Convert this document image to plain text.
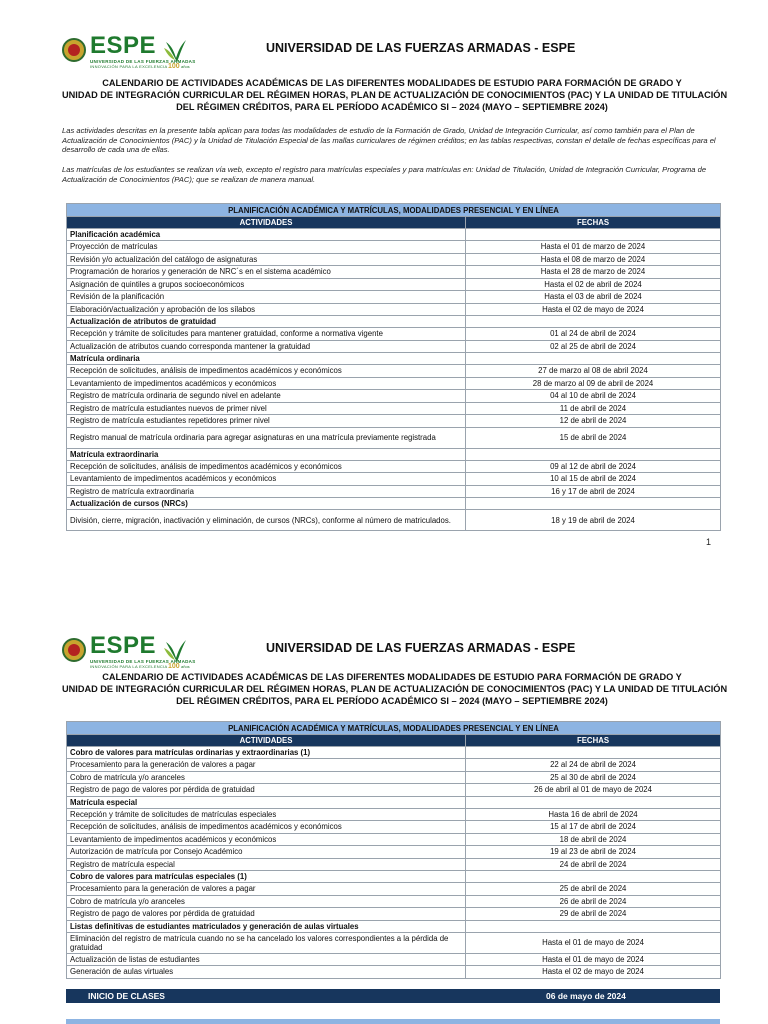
ESPE
UNIVERSIDAD DE LAS FUERZAS ARMADAS
INNOVACIÓN PARA LA EXCELENCIA 100 años
UNIVERSIDAD DE LAS FUERZAS ARMADAS - ESPE
CALENDARIO DE ACTIVIDADES ACADÉMICAS DE LAS DIFERENTES MODALIDADES DE ESTUDIO PARA FORMACIÓN DE GRADO Y
UNIDAD DE INTEGRACIÓN CURRICULAR DEL RÉGIMEN HORAS, PLAN DE ACTUALIZACIÓN DE CONOCIMIENTOS (PAC) Y LA UNIDAD DE TITULACIÓN
DEL RÉGIMEN CRÉDITOS, PARA EL PERÍODO ACADÉMICO SI – 2024 (MAYO – SEPTIEMBRE 2024)
Las actividades descritas en la presente tabla aplican para todas las modalidades de estudio de la Formación de Grado, Unidad de Integración Curricular, así como también para el Plan de Actualización de Conocimientos (PAC) y la Unidad de Titulación Especial de las mallas curriculares de régimen créditos; en las tablas respectivas, constan el detalle de fechas específicas para el desarrollo de cada una de ellas.
Las matrículas de los estudiantes se realizan vía web, excepto el registro para matrículas especiales y para matrículas en: Unidad de Titulación, Unidad de Integración Curricular, Programa de Actualización de Conocimientos (PAC); que se realizan de manera manual.
PLANIFICACIÓN ACADÉMICA Y MATRÍCULAS, MODALIDADES PRESENCIAL Y EN LÍNEA	
ACTIVIDADES	FECHAS
Planificación académica	
Proyección de matrículas	Hasta el 01 de marzo de 2024
Revisión y/o actualización del catálogo de asignaturas	Hasta el 08 de marzo de 2024
Programación de horarios y generación de NRC´s en el sistema académico	Hasta el 28 de marzo de 2024
Asignación de quintiles a grupos socioeconómicos	Hasta el 02 de abril de 2024
Revisión de la planificación	Hasta el 03 de abril de 2024
Elaboración/actualización y aprobación de los sílabos	Hasta el 02 de mayo de 2024
Actualización de atributos de gratuidad	
Recepción y trámite de solicitudes para mantener gratuidad, conforme a normativa vigente	01 al 24 de abril de 2024
Actualización de atributos cuando corresponda mantener la gratuidad	02 al 25 de abril de 2024
Matrícula ordinaria	
Recepción de solicitudes, análisis de impedimentos académicos y económicos	27 de marzo al 08 de abril 2024
Levantamiento de impedimentos académicos y económicos	28 de marzo al 09 de abril de 2024
Registro de matrícula ordinaria de segundo nivel en adelante	04 al 10 de abril de 2024
Registro de matrícula estudiantes nuevos de primer nivel	11 de abril de 2024
Registro de matrícula estudiantes repetidores primer nivel	12 de abril de 2024
Registro manual de matrícula ordinaria para agregar asignaturas en una matrícula previamente registrada	15 de abril de 2024
Matrícula extraordinaria	
Recepción de solicitudes, análisis de impedimentos académicos y económicos	09 al 12 de abril de 2024
Levantamiento de impedimentos académicos y económicos	10 al 15 de abril de 2024
Registro de matrícula extraordinaria	16 y 17 de abril de 2024
Actualización de cursos (NRCs)	
División, cierre, migración, inactivación y eliminación, de cursos (NRCs), conforme al número de matriculados.	18 y 19 de abril de 2024
1
ESPE
UNIVERSIDAD DE LAS FUERZAS ARMADAS
INNOVACIÓN PARA LA EXCELENCIA 100 años
UNIVERSIDAD DE LAS FUERZAS ARMADAS - ESPE
CALENDARIO DE ACTIVIDADES ACADÉMICAS DE LAS DIFERENTES MODALIDADES DE ESTUDIO PARA FORMACIÓN DE GRADO Y
UNIDAD DE INTEGRACIÓN CURRICULAR DEL RÉGIMEN HORAS, PLAN DE ACTUALIZACIÓN DE CONOCIMIENTOS (PAC) Y LA UNIDAD DE TITULACIÓN
DEL RÉGIMEN CRÉDITOS, PARA EL PERÍODO ACADÉMICO SI – 2024 (MAYO – SEPTIEMBRE 2024)
PLANIFICACIÓN ACADÉMICA Y MATRÍCULAS, MODALIDADES PRESENCIAL Y EN LÍNEA	
ACTIVIDADES	FECHAS
Cobro de valores para matrículas ordinarias y extraordinarias (1)	
Procesamiento para la generación de valores a pagar	22 al 24 de abril de 2024
Cobro de matrícula y/o aranceles	25 al 30 de abril de 2024
Registro de pago de valores por pérdida de gratuidad	26 de abril al 01 de mayo de 2024
Matrícula especial	
Recepción y trámite de solicitudes de matrículas especiales	Hasta 16 de abril de 2024
Recepción de solicitudes, análisis de impedimentos académicos y económicos	15 al 17 de abril de 2024
Levantamiento de impedimentos académicos y económicos	18 de abril de 2024
Autorización de matrícula por Consejo Académico	19 al 23 de abril de 2024
Registro de matrícula especial	24 de abril de 2024
Cobro de valores para matrículas especiales (1)	
Procesamiento para la generación de valores a pagar	25 de abril de 2024
Cobro de matrícula y/o aranceles	26 de abril de 2024
Registro de pago de valores por pérdida de gratuidad	29 de abril de 2024
Listas definitivas de estudiantes matriculados y generación de aulas virtuales	
Eliminación del registro de matrícula cuando no se ha cancelado los valores correspondientes a la pérdida de gratuidad	Hasta el 01 de mayo de 2024
Actualización de listas de estudiantes	Hasta el 01 de mayo de 2024
Generación de aulas virtuales	Hasta el 02 de mayo de 2024
INICIO DE CLASES	06 de mayo de 2024
